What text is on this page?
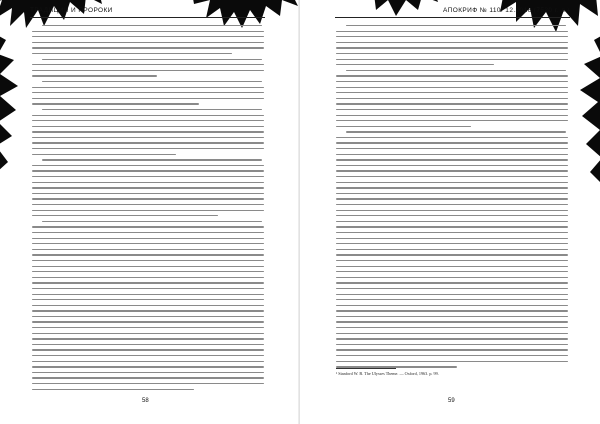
ТРАДИЦИИ И ПРОРОКИ
58
АПОКРИФ № 110: 12.2016 (7520 г. л.)
¹ Stanford W. B. The Ulysses Theme. — Oxford, 1963. p. 99.
59
